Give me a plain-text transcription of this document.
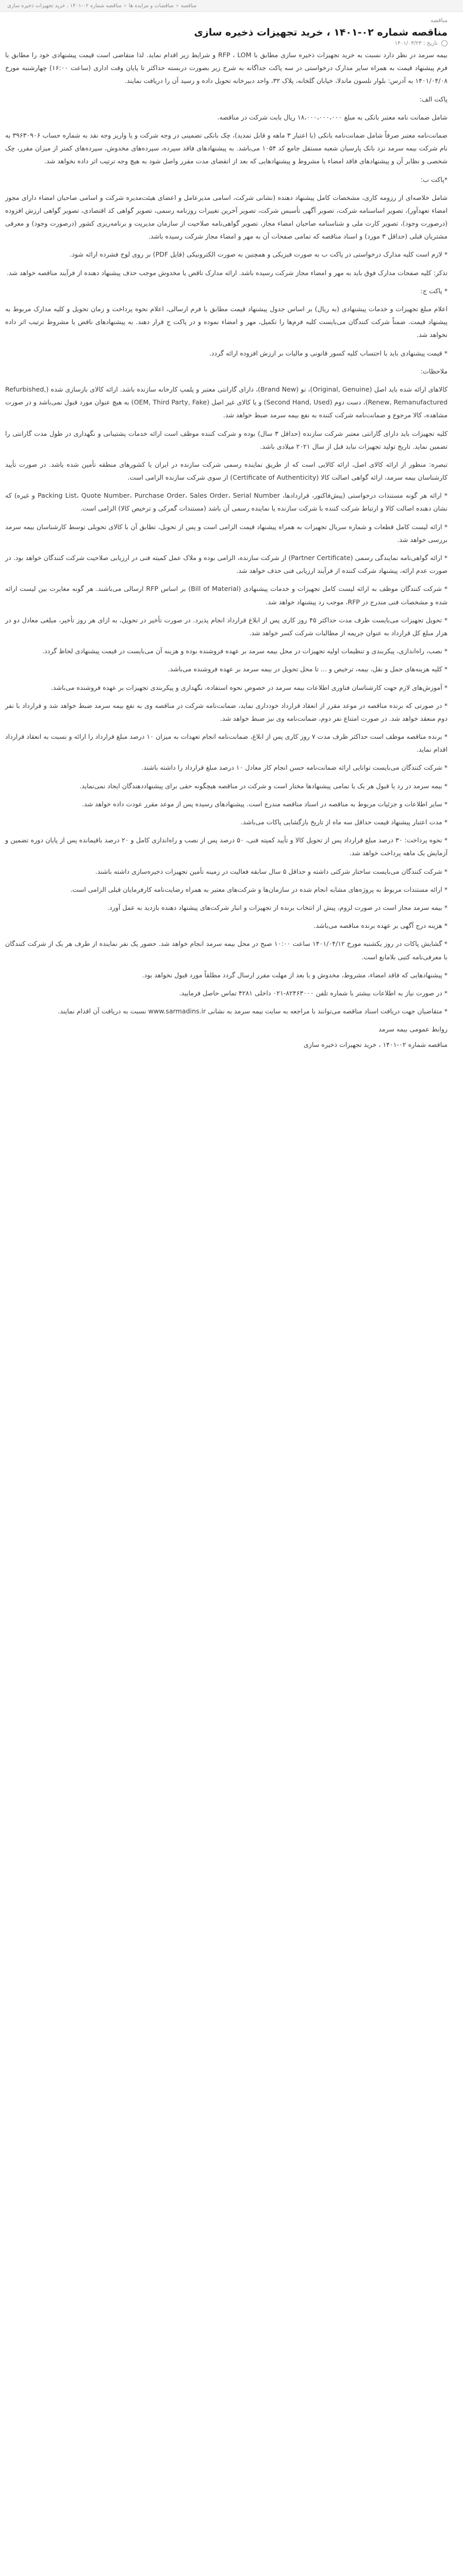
مناقصه
«
مناقصات و مزایده ها
«
مناقصه شماره ۰۲-۱۴۰۱ ، خرید تجهیزات ذخیره سازی
مناقصه
مناقصه شماره ۰۲-۱۴۰۱ ، خرید تجهیزات ذخیره سازی
تاریخ : ۱۴۰۱/۰۳/۲۳

بیمه سرمد در نظر دارد نسبت به خرید تجهیزات ذخیره سازی مطابق با RFP ، LOM و شرایط زیر اقدام نماید. لذا متقاضی است قیمت پیشنهادی خود را مطابق با فرم پیشنهاد قیمت به همراه سایر مدارک درخواستی در سه پاکت جداگانه به شرح زیر بصورت دربسته حداکثر تا پایان وقت اداری (ساعت ۱۶:۰۰) چهارشنبه مورخ ۱۴۰۱/۰۴/۰۸ به آدرس: بلوار نلسون ماندلا، خیابان گلخانه، پلاک ۳۲، واحد دبیرخانه تحویل داده و رسید آن را دریافت نمایند.

پاکت الف:

شامل ضمانت نامه معتبر بانکی به مبلغ ۱۸،۰۰۰،۰۰۰،۰۰۰ ریال بابت شرکت در مناقصه.

ضمانت‌نامه معتبر صرفاً شامل ضمانت‌نامه بانکی (با اعتبار ۳ ماهه و قابل تمدید)، چک بانکی تضمینی در وجه شرکت و یا واریز وجه نقد به شماره حساب ۳۹۶۳۰۹۰۶ به نام شرکت بیمه سرمد نزد بانک پارسیان شعبه مستقل جامع کد ۱۰۵۴ می‌باشد. به پیشنهادهای فاقد سپرده، سپرده‌های مخدوش، سپرده‌های کمتر از میزان مقرر، چک شخصی و نظایر آن و پیشنهادهای فاقد امضاء یا مشروط و پیشنهادهایی که بعد از انقضای مدت مقرر واصل شود به هیچ وجه ترتیب اثر داده نخواهد شد.

*پاکت ب:

شامل خلاصه‌ای از رزومه کاری، مشخصات کامل پیشنهاد دهنده (نشانی شرکت، اسامی مدیرعامل و اعضای هیئت‌مدیره شرکت و اسامی صاحبان امضاء دارای مجوز امضاء تعهدآور)، تصویر اساسنامه شرکت، تصویر آگهی تأسیس شرکت، تصویر آخرین تغییرات روزنامه رسمی، تصویر گواهی کد اقتصادی، تصویر گواهی ارزش افزوده (درصورت وجود)، تصویر کارت ملی و شناسنامه صاحبان امضاء مجاز، تصویر گواهی‌نامه صلاحیت از سازمان مدیریت و برنامه‌ریزی کشور (درصورت وجود) و معرفی مشتریان قبلی (حداقل ۳ مورد) و اسناد مناقصه که تمامی صفحات آن به مهر و امضاء مجاز شرکت رسیده باشد.

* لازم است کلیه مدارک درخواستی در پاکت ب به صورت فیزیکی و همچنین به صورت الکترونیکی (فایل PDF) بر روی لوح فشرده ارائه شود.

تذکر: کلیه صفحات مدارک فوق باید به مهر و امضاء مجاز شرکت رسیده باشد. ارائه مدارک ناقص یا مخدوش موجب حذف پیشنهاد دهنده از فرآیند مناقصه خواهد شد.

* پاکت ج:

اعلام مبلغ تجهیزات و خدمات پیشنهادی (به ریال) بر اساس جدول پیشنهاد قیمت مطابق با فرم ارسالی، اعلام نحوه پرداخت و زمان تحویل و کلیه مدارک مربوط به پیشنهاد قیمت. ضمناً شرکت کنندگان می‌بایست کلیه فرم‌ها را تکمیل، مهر و امضاء نموده و در پاکت ج قرار دهند. به پیشنهادهای ناقص یا مشروط ترتیب اثر داده نخواهد شد.

* قیمت پیشنهادی باید با احتساب کلیه کسور قانونی و مالیات بر ارزش افزوده ارائه گردد.

ملاحظات:

کالاهای ارائه شده باید اصل (Original, Genuine)، نو (Brand New)، دارای گارانتی معتبر و پلمپ کارخانه سازنده باشد. ارائه کالای بازسازی شده (Refurbished, Renew, Remanufactured)، دست دوم (Second Hand, Used) و یا کالای غیر اصل (OEM, Third Party, Fake) به هیچ عنوان مورد قبول نمی‌باشد و در صورت مشاهده، کالا مرجوع و ضمانت‌نامه شرکت کننده به نفع بیمه سرمد ضبط خواهد شد.

کلیه تجهیزات باید دارای گارانتی معتبر شرکت سازنده (حداقل ۳ سال) بوده و شرکت کننده موظف است ارائه خدمات پشتیبانی و نگهداری در طول مدت گارانتی را تضمین نماید. تاریخ تولید تجهیزات نباید قبل از سال ۲۰۲۱ میلادی باشد.

تبصره: منظور از ارائه کالای اصل، ارائه کالایی است که از طریق نماینده رسمی شرکت سازنده در ایران یا کشورهای منطقه تأمین شده باشد. در صورت تأیید کارشناسان بیمه سرمد، ارائه گواهی اصالت کالا (Certificate of Authenticity) از سوی شرکت سازنده الزامی است.

* ارائه هر گونه مستندات درخواستی (پیش‌فاکتور، قراردادها، Packing List، Quote Number، Purchase Order، Sales Order، Serial Number و غیره) که نشان دهنده اصالت کالا و ارتباط شرکت کننده با شرکت سازنده یا نماینده رسمی آن باشد (مستندات گمرکی و ترخیص کالا) الزامی است.

* ارائه لیست کامل قطعات و شماره سریال تجهیزات به همراه پیشنهاد قیمت الزامی است و پس از تحویل، تطابق آن با کالای تحویلی توسط کارشناسان بیمه سرمد بررسی خواهد شد.

* ارائه گواهی‌نامه نمایندگی رسمی (Partner Certificate) از شرکت سازنده، الزامی بوده و ملاک عمل کمیته فنی در ارزیابی صلاحیت شرکت کنندگان خواهد بود. در صورت عدم ارائه، پیشنهاد شرکت کننده از فرآیند ارزیابی فنی حذف خواهد شد.

* شرکت کنندگان موظف به ارائه لیست کامل تجهیزات و خدمات پیشنهادی (Bill of Material) بر اساس RFP ارسالی می‌باشند. هر گونه مغایرت بین لیست ارائه شده و مشخصات فنی مندرج در RFP، موجب رد پیشنهاد خواهد شد.

* تحویل تجهیزات می‌بایست ظرف مدت حداکثر ۴۵ روز کاری پس از ابلاغ قرارداد انجام پذیرد. در صورت تأخیر در تحویل، به ازای هر روز تأخیر، مبلغی معادل دو در هزار مبلغ کل قرارداد به عنوان جریمه از مطالبات شرکت کسر خواهد شد.

* نصب، راه‌اندازی، پیکربندی و تنظیمات اولیه تجهیزات در محل بیمه سرمد بر عهده فروشنده بوده و هزینه آن می‌بایست در قیمت پیشنهادی لحاظ گردد.

* کلیه هزینه‌های حمل و نقل، بیمه، ترخیص و ... تا محل تحویل در بیمه سرمد بر عهده فروشنده می‌باشد.

* آموزش‌های لازم جهت کارشناسان فناوری اطلاعات بیمه سرمد در خصوص نحوه استفاده، نگهداری و پیکربندی تجهیزات بر عهده فروشنده می‌باشد.

* در صورتی که برنده مناقصه در موعد مقرر از انعقاد قرارداد خودداری نماید، ضمانت‌نامه شرکت در مناقصه وی به نفع بیمه سرمد ضبط خواهد شد و قرارداد با نفر دوم منعقد خواهد شد. در صورت امتناع نفر دوم، ضمانت‌نامه وی نیز ضبط خواهد شد.

* برنده مناقصه موظف است حداکثر ظرف مدت ۷ روز کاری پس از ابلاغ، ضمانت‌نامه انجام تعهدات به میزان ۱۰ درصد مبلغ قرارداد را ارائه و نسبت به انعقاد قرارداد اقدام نماید.

* شرکت کنندگان می‌بایست توانایی ارائه ضمانت‌نامه حسن انجام کار معادل ۱۰ درصد مبلغ قرارداد را داشته باشند.

* بیمه سرمد در رد یا قبول هر یک یا تمامی پیشنهادها مختار است و شرکت در مناقصه هیچگونه حقی برای پیشنهاددهندگان ایجاد نمی‌نماید.

* سایر اطلاعات و جزئیات مربوط به مناقصه در اسناد مناقصه مندرج است. پیشنهادهای رسیده پس از موعد مقرر عودت داده خواهد شد.

* مدت اعتبار پیشنهاد قیمت حداقل سه ماه از تاریخ بازگشایی پاکات می‌باشد.

* نحوه پرداخت: ۳۰ درصد مبلغ قرارداد پس از تحویل کالا و تأیید کمیته فنی، ۵۰ درصد پس از نصب و راه‌اندازی کامل و ۲۰ درصد باقیمانده پس از پایان دوره تضمین و آزمایش یک ماهه پرداخت خواهد شد.

* شرکت کنندگان می‌بایست ساختار شرکتی داشته و حداقل ۵ سال سابقه فعالیت در زمینه تأمین تجهیزات ذخیره‌سازی داشته باشند.

* ارائه مستندات مربوط به پروژه‌های مشابه انجام شده در سازمان‌ها و شرکت‌های معتبر به همراه رضایت‌نامه کارفرمایان قبلی الزامی است.

* بیمه سرمد مجاز است در صورت لزوم، پیش از انتخاب برنده از تجهیزات و انبار شرکت‌های پیشنهاد دهنده بازدید به عمل آورد.

* هزینه درج آگهی بر عهده برنده مناقصه می‌باشد.

* گشایش پاکات در روز یکشنبه مورخ ۱۴۰۱/۰۴/۱۲ ساعت ۱۰:۰۰ صبح در محل بیمه سرمد انجام خواهد شد. حضور یک نفر نماینده از طرف هر یک از شرکت کنندگان با معرفی‌نامه کتبی بلامانع است.

* پیشنهادهایی که فاقد امضاء، مشروط، مخدوش و یا بعد از مهلت مقرر ارسال گردد مطلقاً مورد قبول نخواهد بود.

* در صورت نیاز به اطلاعات بیشتر با شماره تلفن ۸۲۴۶۳۰۰۰-۰۲۱ داخلی ۴۲۸۱ تماس حاصل فرمایید.

* متقاضیان جهت دریافت اسناد مناقصه می‌توانند با مراجعه به سایت بیمه سرمد به نشانی www.sarmadins.ir نسبت به دریافت آن اقدام نمایند.

روابط عمومی بیمه سرمد

مناقصه شماره ۰۲-۱۴۰۱ ، خرید تجهیزات ذخیره سازی
